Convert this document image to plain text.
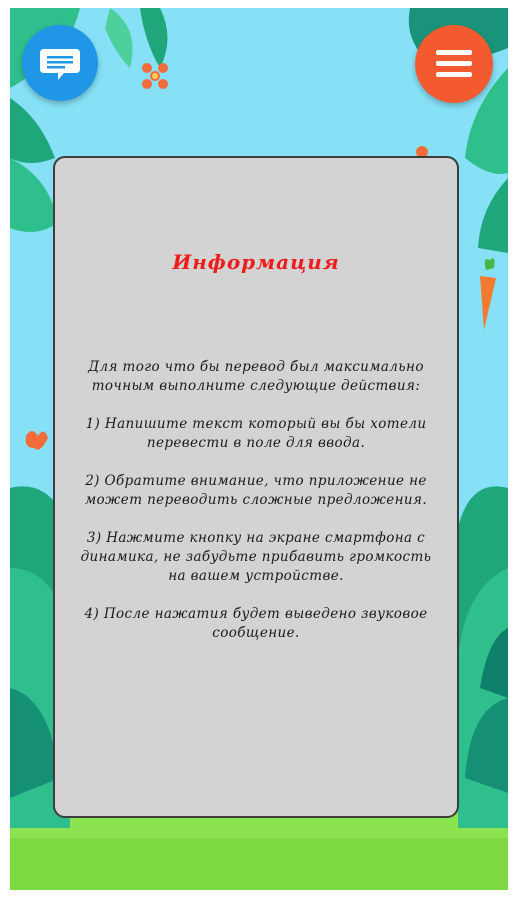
Информация

Для того что бы перевод был максимально точным выполните следующие действия:

1) Напишите текст который вы бы хотели перевести в поле для ввода.

2) Обратите внимание, что приложение не может переводить сложные предложения.

3) Нажмите кнопку на экране смартфона с динамика, не забудьте прибавить громкость на вашем устройстве.

4) После нажатия будет выведено звуковое сообщение.
